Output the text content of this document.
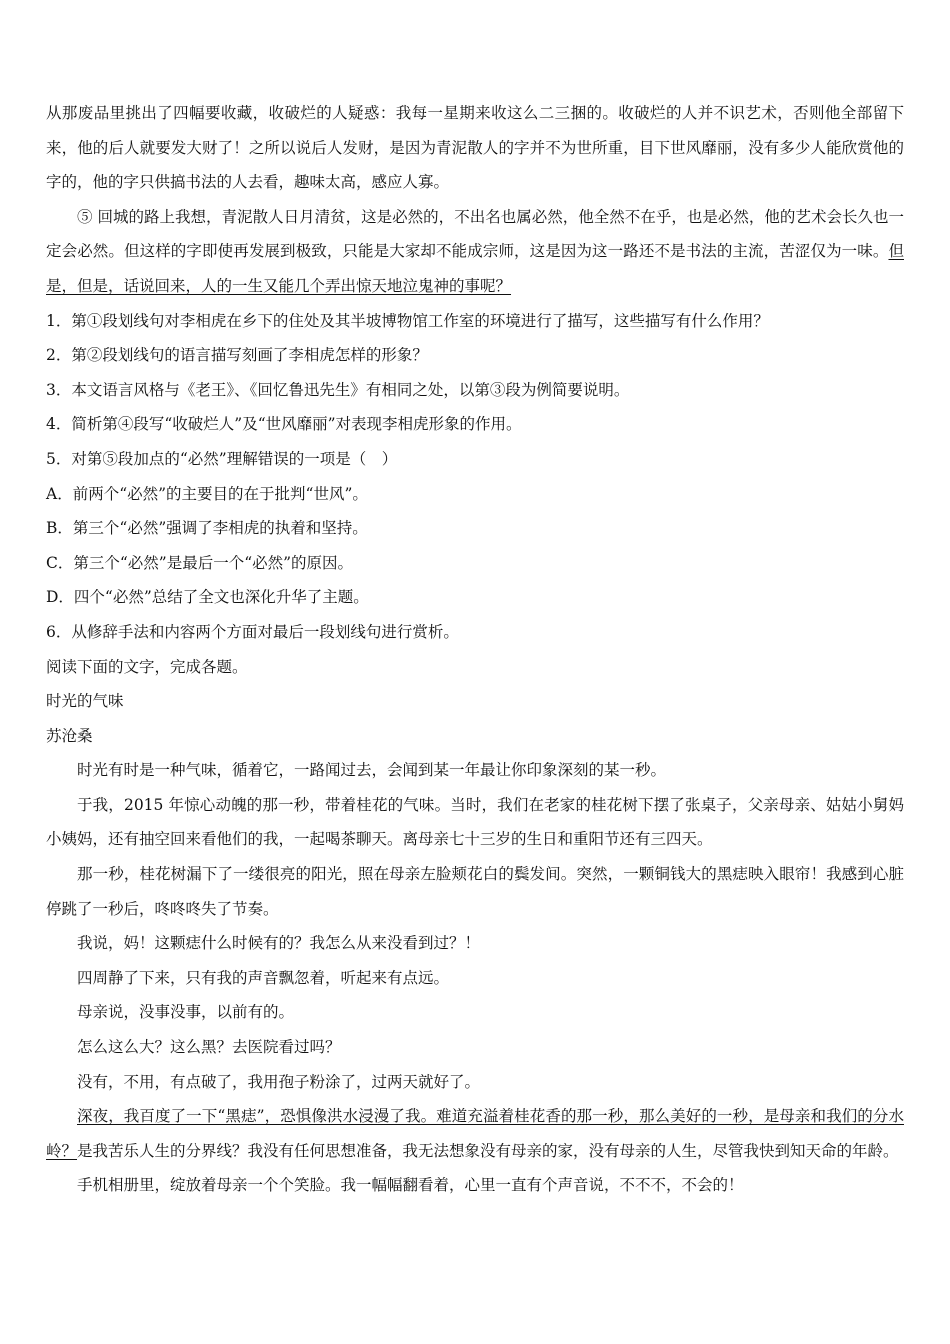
从那废品里挑出了四幅要收藏，收破烂的人疑惑：我每一星期来收这么二三捆的。收破烂的人并不识艺术，否则他全部留下来，他的后人就要发大财了！之所以说后人发财，是因为青泥散人的字并不为世所重，目下世风靡丽，没有多少人能欣赏他的字的，他的字只供搞书法的人去看，趣味太高，感应人寡。

⑤ 回城的路上我想，青泥散人日月清贫，这是必然的，不出名也属必然，他全然不在乎，也是必然，他的艺术会长久也一定会必然。但这样的字即使再发展到极致，只能是大家却不能成宗师，这是因为这一路还不是书法的主流，苦涩仅为一味。但是，但是，话说回来，人的一生又能几个弄出惊天地泣鬼神的事呢？

1．第①段划线句对李相虎在乡下的住处及其半坡博物馆工作室的环境进行了描写，这些描写有什么作用？

2．第②段划线句的语言描写刻画了李相虎怎样的形象？

3．本文语言风格与《老王》、《回忆鲁迅先生》有相同之处，以第③段为例简要说明。

4．简析第④段写“收破烂人”及“世风靡丽”对表现李相虎形象的作用。

5．对第⑤段加点的“必然”理解错误的一项是（　）

A．前两个“必然”的主要目的在于批判“世风”。

B．第三个“必然”强调了李相虎的执着和坚持。

C．第三个“必然”是最后一个“必然”的原因。

D．四个“必然”总结了全文也深化升华了主题。

6．从修辞手法和内容两个方面对最后一段划线句进行赏析。

阅读下面的文字，完成各题。

时光的气味

苏沧桑

时光有时是一种气味，循着它，一路闻过去，会闻到某一年最让你印象深刻的某一秒。

于我，2015 年惊心动魄的那一秒，带着桂花的气味。当时，我们在老家的桂花树下摆了张桌子，父亲母亲、姑姑小舅妈小姨妈，还有抽空回来看他们的我，一起喝茶聊天。离母亲七十三岁的生日和重阳节还有三四天。

那一秒，桂花树漏下了一缕很亮的阳光，照在母亲左脸颊花白的鬓发间。突然，一颗铜钱大的黑痣映入眼帘！我感到心脏停跳了一秒后，咚咚咚失了节奏。

我说，妈！这颗痣什么时候有的？我怎么从来没看到过？！

四周静了下来，只有我的声音飘忽着，听起来有点远。

母亲说，没事没事，以前有的。

怎么这么大？这么黑？去医院看过吗？

没有，不用，有点破了，我用孢子粉涂了，过两天就好了。

深夜，我百度了一下“黑痣”，恐惧像洪水浸漫了我。难道充溢着桂花香的那一秒，那么美好的一秒，是母亲和我们的分水岭？是我苦乐人生的分界线？我没有任何思想准备，我无法想象没有母亲的家，没有母亲的人生，尽管我快到知天命的年龄。

手机相册里，绽放着母亲一个个笑脸。我一幅幅翻看着，心里一直有个声音说，不不不，不会的！
